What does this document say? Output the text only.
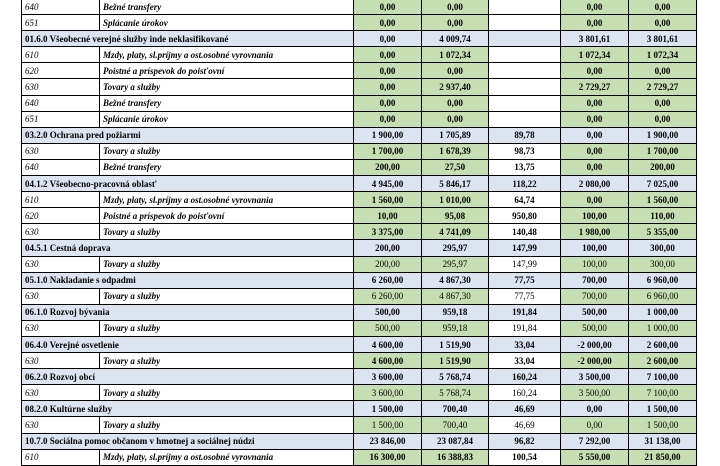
640	Bežné transfery	0,00	0,00		0,00	0,00
651	Splácanie úrokov	0,00	0,00		0,00	0,00
01.6.0 Všeobecné verejné služby inde neklasifikované		0,00	4 009,74		3 801,61	3 801,61
610	Mzdy, platy, sl.príjmy a ost.osobné vyrovnania	0,00	1 072,34		1 072,34	1 072,34
620	Poistné a príspevok do poisťovní	0,00	0,00		0,00	0,00
630	Tovary a služby	0,00	2 937,40		2 729,27	2 729,27
640	Bežné transfery	0,00	0,00		0,00	0,00
651	Splácanie úrokov	0,00	0,00		0,00	0,00
03.2.0 Ochrana pred požiarmi		1 900,00	1 705,89	89,78	0,00	1 900,00
630	Tovary a služby	1 700,00	1 678,39	98,73	0,00	1 700,00
640	Bežné transfery	200,00	27,50	13,75	0,00	200,00
04.1.2 Všeobecno-pracovná oblasť		4 945,00	5 846,17	118,22	2 080,00	7 025,00
610	Mzdy, platy, sl.príjmy a ost.osobné vyrovnania	1 560,00	1 010,00	64,74	0,00	1 560,00
620	Poistné a príspevok do poisťovní	10,00	95,08	950,80	100,00	110,00
630	Tovary a služby	3 375,00	4 741,09	140,48	1 980,00	5 355,00
04.5.1 Cestná doprava		200,00	295,97	147,99	100,00	300,00
630	Tovary a služby	200,00	295,97	147,99	100,00	300,00
05.1.0 Nakladanie s odpadmi		6 260,00	4 867,30	77,75	700,00	6 960,00
630	Tovary a služby	6 260,00	4 867,30	77,75	700,00	6 960,00
06.1.0 Rozvoj bývania		500,00	959,18	191,84	500,00	1 000,00
630	Tovary a služby	500,00	959,18	191,84	500,00	1 000,00
06.4.0 Verejné osvetlenie		4 600,00	1 519,90	33,04	-2 000,00	2 600,00
630	Tovary a služby	4 600,00	1 519,90	33,04	-2 000,00	2 600,00
06.2.0 Rozvoj obcí		3 600,00	5 768,74	160,24	3 500,00	7 100,00
630	Tovary a služby	3 600,00	5 768,74	160,24	3 500,00	7 100,00
08.2.0 Kultúrne služby		1 500,00	700,40	46,69	0,00	1 500,00
630	Tovary a služby	1 500,00	700,40	46,69	0,00	1 500,00
10.7.0 Sociálna pomoc občanom v hmotnej a sociálnej núdzi		23 846,00	23 087,84	96,82	7 292,00	31 138,00
610	Mzdy, platy, sl.príjmy a ost.osobné vyrovnania	16 300,00	16 388,83	100,54	5 550,00	21 850,00
